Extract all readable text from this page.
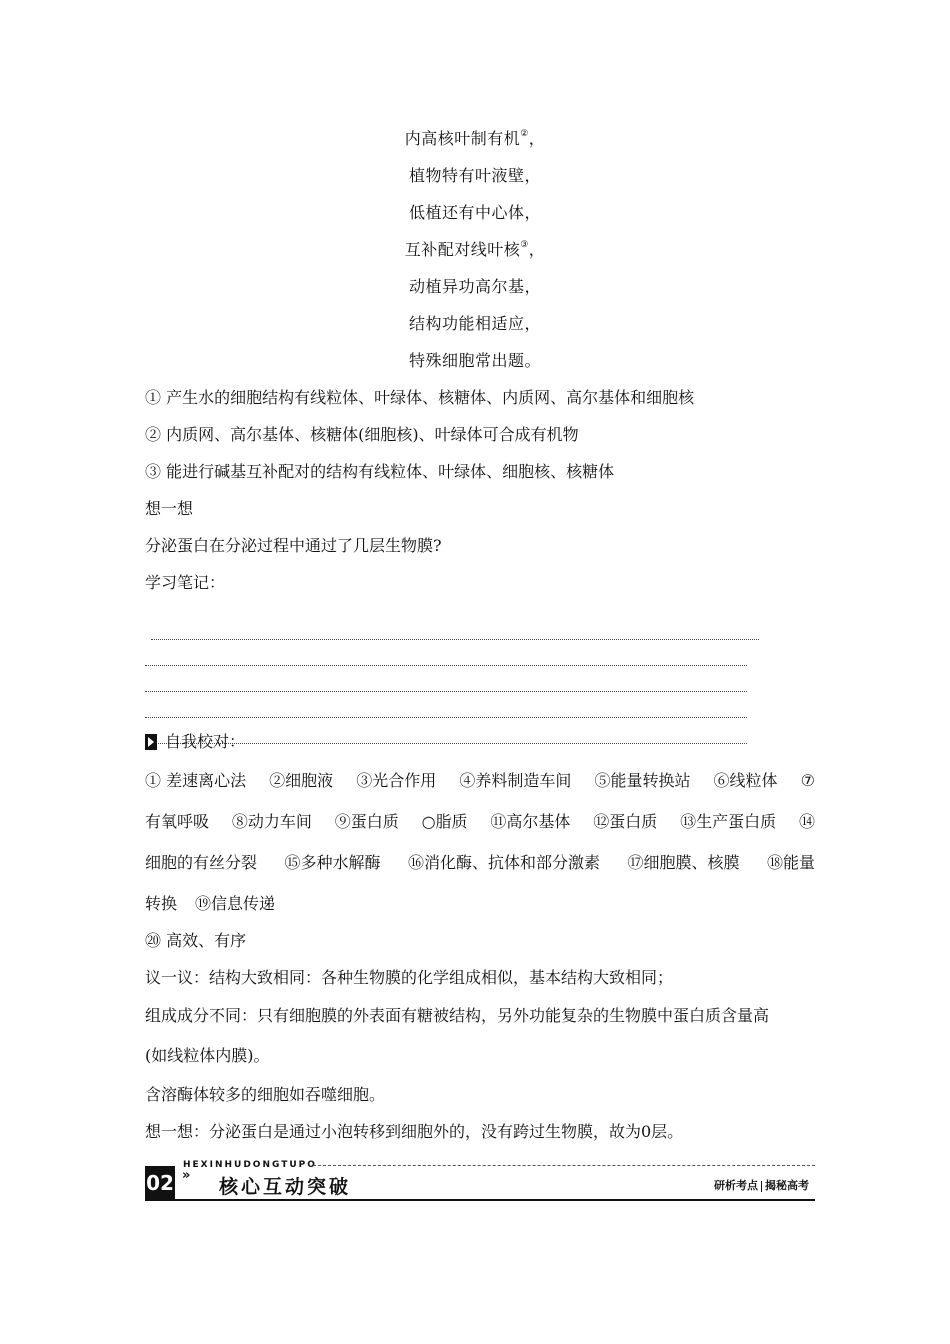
内高核叶制有机②，
植物特有叶液壁，
低植还有中心体，
互补配对线叶核③，
动植异功高尔基，
结构功能相适应，
特殊细胞常出题。
① 产生水的细胞结构有线粒体、叶绿体、核糖体、内质网、高尔基体和细胞核
② 内质网、高尔基体、核糖体(细胞核)、叶绿体可合成有机物
③ 能进行碱基互补配对的结构有线粒体、叶绿体、细胞核、核糖体
想一想
分泌蛋白在分泌过程中通过了几层生物膜?
学习笔记：
自我校对：
① 差速离心法 ②细胞液 ③光合作用 ④养料制造车间 ⑤能量转换站 ⑥线粒体 ⑦
有氧呼吸 ⑧动力车间 ⑨蛋白质 ○脂质 ⑪高尔基体 ⑫蛋白质 ⑬生产蛋白质 ⑭
细胞的有丝分裂 ⑮多种水解酶 ⑯消化酶、抗体和部分激素 ⑰细胞膜、核膜 ⑱能量
转换 ⑲信息传递
⑳ 高效、有序
议一议：结构大致相同：各种生物膜的化学组成相似，基本结构大致相同；
组成成分不同：只有细胞膜的外表面有糖被结构，另外功能复杂的生物膜中蛋白质含量高
(如线粒体内膜)。
含溶酶体较多的细胞如吞噬细胞。
想一想：分泌蛋白是通过小泡转移到细胞外的，没有跨过生物膜，故为0层。
HEXINHUDONGTUPO
02 »
核心互动突破	研析考点 揭秘高考
